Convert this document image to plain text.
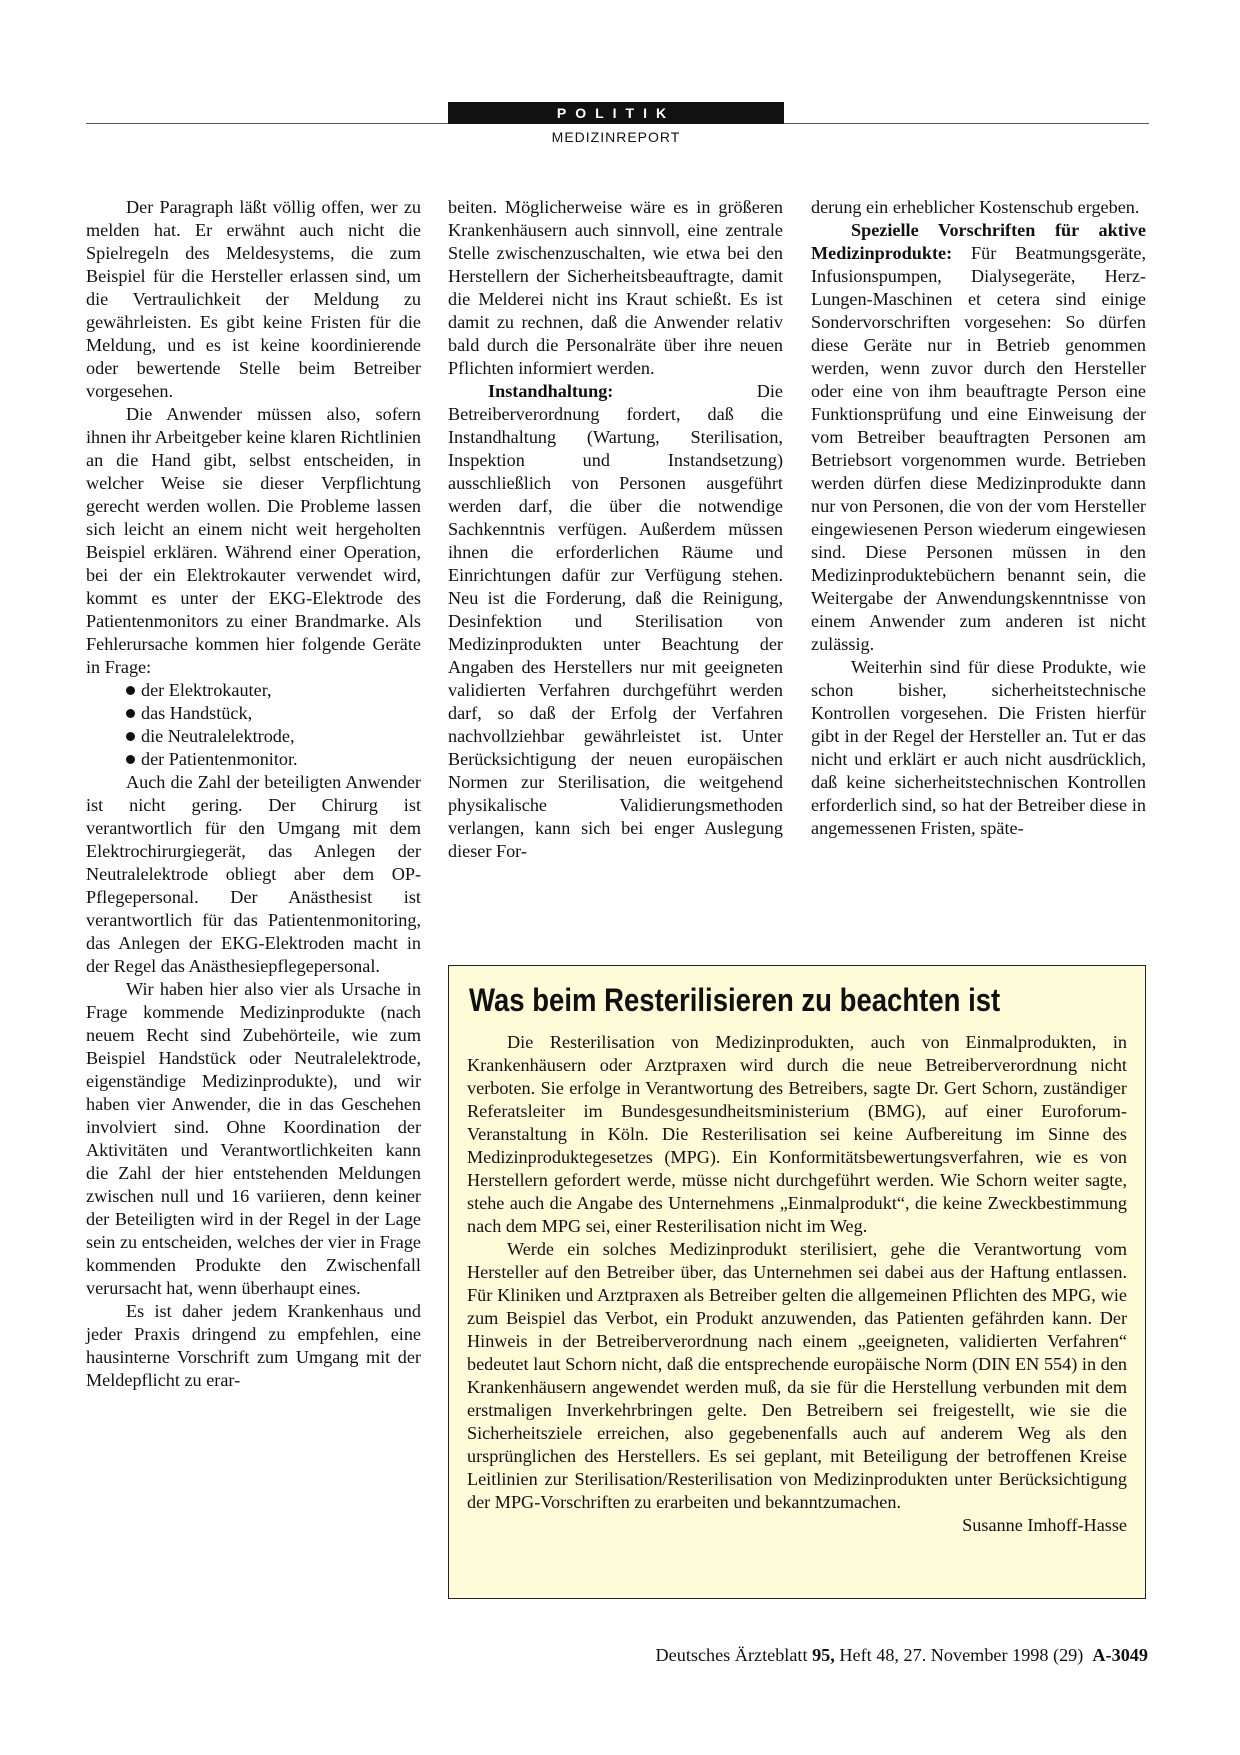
POLITIK
MEDIZINREPORT

Der Paragraph läßt völlig offen, wer zu melden hat. Er erwähnt auch nicht die Spielregeln des Meldesystems, die zum Beispiel für die Hersteller erlassen sind, um die Vertraulichkeit der Meldung zu gewährleisten. Es gibt keine Fristen für die Meldung, und es ist keine koordinierende oder bewertende Stelle beim Betreiber vorgesehen.

Die Anwender müssen also, sofern ihnen ihr Arbeitgeber keine klaren Richtlinien an die Hand gibt, selbst entscheiden, in welcher Weise sie dieser Verpflichtung gerecht werden wollen. Die Probleme lassen sich leicht an einem nicht weit hergeholten Beispiel erklären. Während einer Operation, bei der ein Elektrokauter verwendet wird, kommt es unter der EKG-Elektrode des Patientenmonitors zu einer Brandmarke. Als Fehlerursache kommen hier folgende Geräte in Frage:

der Elektrokauter,
das Handstück,
die Neutralelektrode,
der Patientenmonitor.

Auch die Zahl der beteiligten Anwender ist nicht gering. Der Chirurg ist verantwortlich für den Umgang mit dem Elektrochirurgiegerät, das Anlegen der Neutralelektrode obliegt aber dem OP-Pflegepersonal. Der Anästhesist ist verantwortlich für das Patientenmonitoring, das Anlegen der EKG-Elektroden macht in der Regel das Anästhesiepflegepersonal.

Wir haben hier also vier als Ursache in Frage kommende Medizinprodukte (nach neuem Recht sind Zubehörteile, wie zum Beispiel Handstück oder Neutralelektrode, eigenständige Medizinprodukte), und wir haben vier Anwender, die in das Geschehen involviert sind. Ohne Koordination der Aktivitäten und Verantwortlichkeiten kann die Zahl der hier entstehenden Meldungen zwischen null und 16 variieren, denn keiner der Beteiligten wird in der Regel in der Lage sein zu entscheiden, welches der vier in Frage kommenden Produkte den Zwischenfall verursacht hat, wenn überhaupt eines.

Es ist daher jedem Krankenhaus und jeder Praxis dringend zu empfehlen, eine hausinterne Vorschrift zum Umgang mit der Meldepflicht zu erar-

beiten. Möglicherweise wäre es in größeren Krankenhäusern auch sinnvoll, eine zentrale Stelle zwischenzuschalten, wie etwa bei den Herstellern der Sicherheitsbeauftragte, damit die Melderei nicht ins Kraut schießt. Es ist damit zu rechnen, daß die Anwender relativ bald durch die Personalräte über ihre neuen Pflichten informiert werden.

Instandhaltung: Die Betreiberverordnung fordert, daß die Instandhaltung (Wartung, Sterilisation, Inspektion und Instandsetzung) ausschließlich von Personen ausgeführt werden darf, die über die notwendige Sachkenntnis verfügen. Außerdem müssen ihnen die erforderlichen Räume und Einrichtungen dafür zur Verfügung stehen. Neu ist die Forderung, daß die Reinigung, Desinfektion und Sterilisation von Medizinprodukten unter Beachtung der Angaben des Herstellers nur mit geeigneten validierten Verfahren durchgeführt werden darf, so daß der Erfolg der Verfahren nachvollziehbar gewährleistet ist. Unter Berücksichtigung der neuen europäischen Normen zur Sterilisation, die weitgehend physikalische Validierungsmethoden verlangen, kann sich bei enger Auslegung dieser For-

derung ein erheblicher Kostenschub ergeben.

Spezielle Vorschriften für aktive Medizinprodukte: Für Beatmungsgeräte, Infusionspumpen, Dialysegeräte, Herz-Lungen-Maschinen et cetera sind einige Sondervorschriften vorgesehen: So dürfen diese Geräte nur in Betrieb genommen werden, wenn zuvor durch den Hersteller oder eine von ihm beauftragte Person eine Funktionsprüfung und eine Einweisung der vom Betreiber beauftragten Personen am Betriebsort vorgenommen wurde. Betrieben werden dürfen diese Medizinprodukte dann nur von Personen, die von der vom Hersteller eingewiesenen Person wiederum eingewiesen sind. Diese Personen müssen in den Medizinproduktebüchern benannt sein, die Weitergabe der Anwendungskenntnisse von einem Anwender zum anderen ist nicht zulässig.

Weiterhin sind für diese Produkte, wie schon bisher, sicherheitstechnische Kontrollen vorgesehen. Die Fristen hierfür gibt in der Regel der Hersteller an. Tut er das nicht und erklärt er auch nicht ausdrücklich, daß keine sicherheitstechnischen Kontrollen erforderlich sind, so hat der Betreiber diese in angemessenen Fristen, späte-

Was beim Resterilisieren zu beachten ist

Die Resterilisation von Medizinprodukten, auch von Einmalprodukten, in Krankenhäusern oder Arztpraxen wird durch die neue Betreiberverordnung nicht verboten. Sie erfolge in Verantwortung des Betreibers, sagte Dr. Gert Schorn, zuständiger Referatsleiter im Bundesgesundheitsministerium (BMG), auf einer Euroforum-Veranstaltung in Köln. Die Resterilisation sei keine Aufbereitung im Sinne des Medizinproduktegesetzes (MPG). Ein Konformitätsbewertungsverfahren, wie es von Herstellern gefordert werde, müsse nicht durchgeführt werden. Wie Schorn weiter sagte, stehe auch die Angabe des Unternehmens „Einmalprodukt“, die keine Zweckbestimmung nach dem MPG sei, einer Resterilisation nicht im Weg.

Werde ein solches Medizinprodukt sterilisiert, gehe die Verantwortung vom Hersteller auf den Betreiber über, das Unternehmen sei dabei aus der Haftung entlassen. Für Kliniken und Arztpraxen als Betreiber gelten die allgemeinen Pflichten des MPG, wie zum Beispiel das Verbot, ein Produkt anzuwenden, das Patienten gefährden kann. Der Hinweis in der Betreiberverordnung nach einem „geeigneten, validierten Verfahren“ bedeutet laut Schorn nicht, daß die entsprechende europäische Norm (DIN EN 554) in den Krankenhäusern angewendet werden muß, da sie für die Herstellung verbunden mit dem erstmaligen Inverkehrbringen gelte. Den Betreibern sei freigestellt, wie sie die Sicherheitsziele erreichen, also gegebenenfalls auch auf anderem Weg als den ursprünglichen des Herstellers. Es sei geplant, mit Beteiligung der betroffenen Kreise Leitlinien zur Sterilisation/Resterilisation von Medizinprodukten unter Berücksichtigung der MPG-Vorschriften zu erarbeiten und bekanntzumachen.

Susanne Imhoff-Hasse

Deutsches Ärzteblatt 95, Heft 48, 27. November 1998 (29) A-3049
